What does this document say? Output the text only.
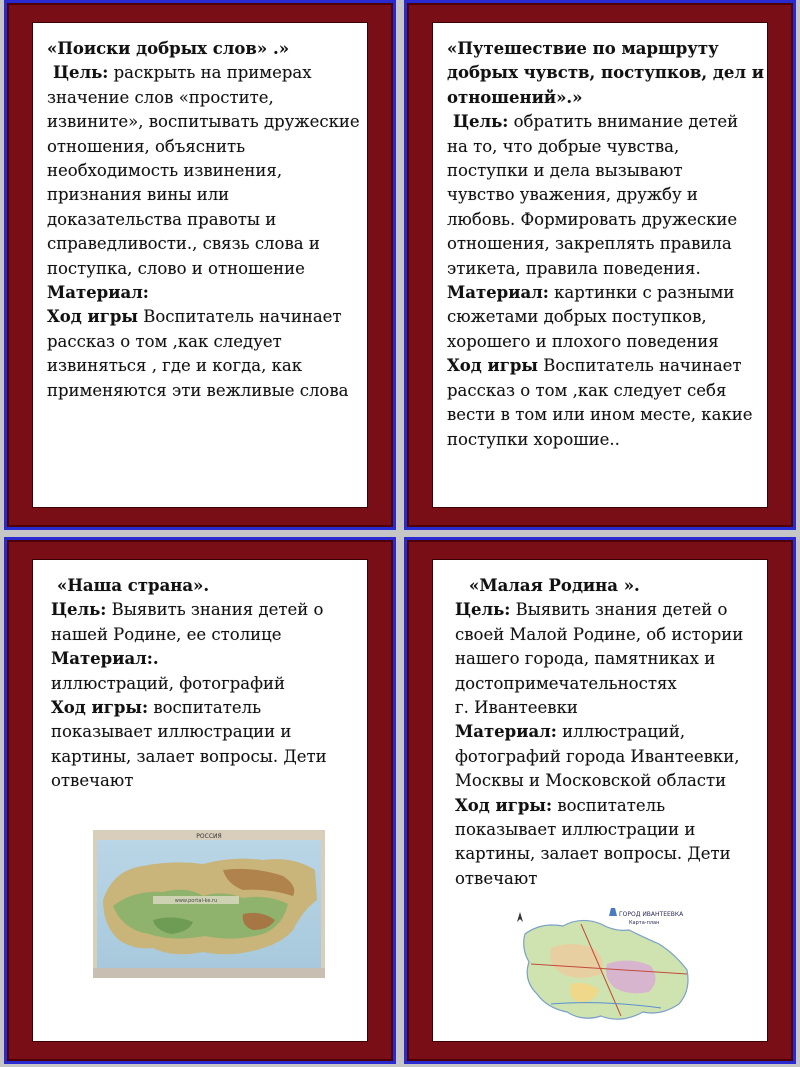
«Поиски добрых слов» .»
Цель: раскрыть на примерах
значение слов «простите,
извините», воспитывать дружеские
отношения, объяснить
необходимость извинения,
признания вины или
доказательства правоты и
справедливости., связь слова и
поступка, слово и отношение
Материал:
Ход игры Воспитатель начинает
рассказ о том ,как следует
извиняться , где и когда, как
применяются эти вежливые слова
«Путешествие по маршруту
добрых чувств, поступков, дел и
отношений».»
Цель: обратить внимание детей
на то, что добрые чувства,
поступки и дела вызывают
чувство уважения, дружбу и
любовь. Формировать дружеские
отношения, закреплять правила
этикета, правила поведения.
Материал: картинки с разными
сюжетами добрых поступков,
хорошего и плохого поведения
Ход игры Воспитатель начинает
рассказ о том ,как следует себя
вести в том или ином месте, какие
поступки хорошие..
«Наша страна».
Цель: Выявить знания детей о
нашей Родине, ее столице
Материал:.
иллюстраций, фотографий
Ход игры: воспитатель
показывает иллюстрации и
картины, залает вопросы. Дети
отвечают
РОССИЯ
www.portal-ke.ru
«Малая Родина ».
Цель: Выявить знания детей о
своей Малой Родине, об истории
нашего города, памятниках и
достопримечательностях
г. Ивантеевки
Материал: иллюстраций,
фотографий города Ивантеевки,
Москвы и Московской области
Ход игры: воспитатель
показывает иллюстрации и
картины, залает вопросы. Дети
отвечают
ГОРОД ИВАНТЕЕВКА
Карта-план
